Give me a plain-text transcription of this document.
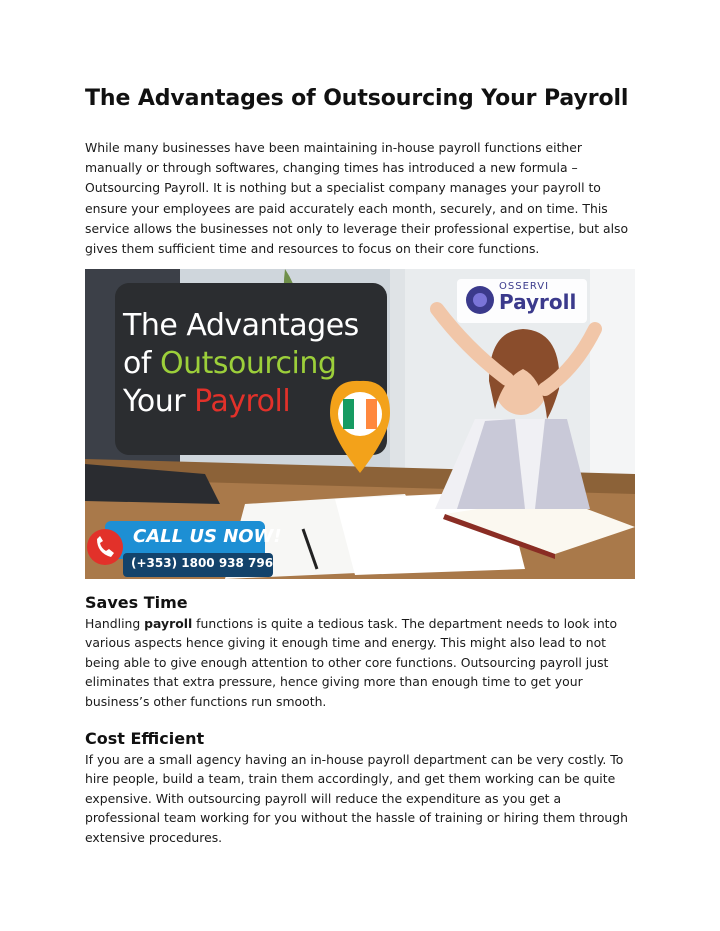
The Advantages of Outsourcing Your Payroll

While many businesses have been maintaining in-house payroll functions either manually or through softwares, changing times has introduced a new formula – Outsourcing Payroll. It is nothing but a specialist company manages your payroll to ensure your employees are paid accurately each month, securely, and on time. This service allows the businesses not only to leverage their professional expertise, but also gives them sufficient time and resources to focus on their core functions.

The Advantages
of Outsourcing
Your Payroll
OSSERVI
Payroll
CALL US NOW!
(+353) 1800 938 796
Saves Time

Handling payroll functions is quite a tedious task. The department needs to look into various aspects hence giving it enough time and energy. This might also lead to not being able to give enough attention to other core functions. Outsourcing payroll just eliminates that extra pressure, hence giving more than enough time to get your business’s other functions run smooth.

Cost Efficient

If you are a small agency having an in-house payroll department can be very costly. To hire people, build a team, train them accordingly, and get them working can be quite expensive. With outsourcing payroll will reduce the expenditure as you get a professional team working for you without the hassle of training or hiring them through extensive procedures.
